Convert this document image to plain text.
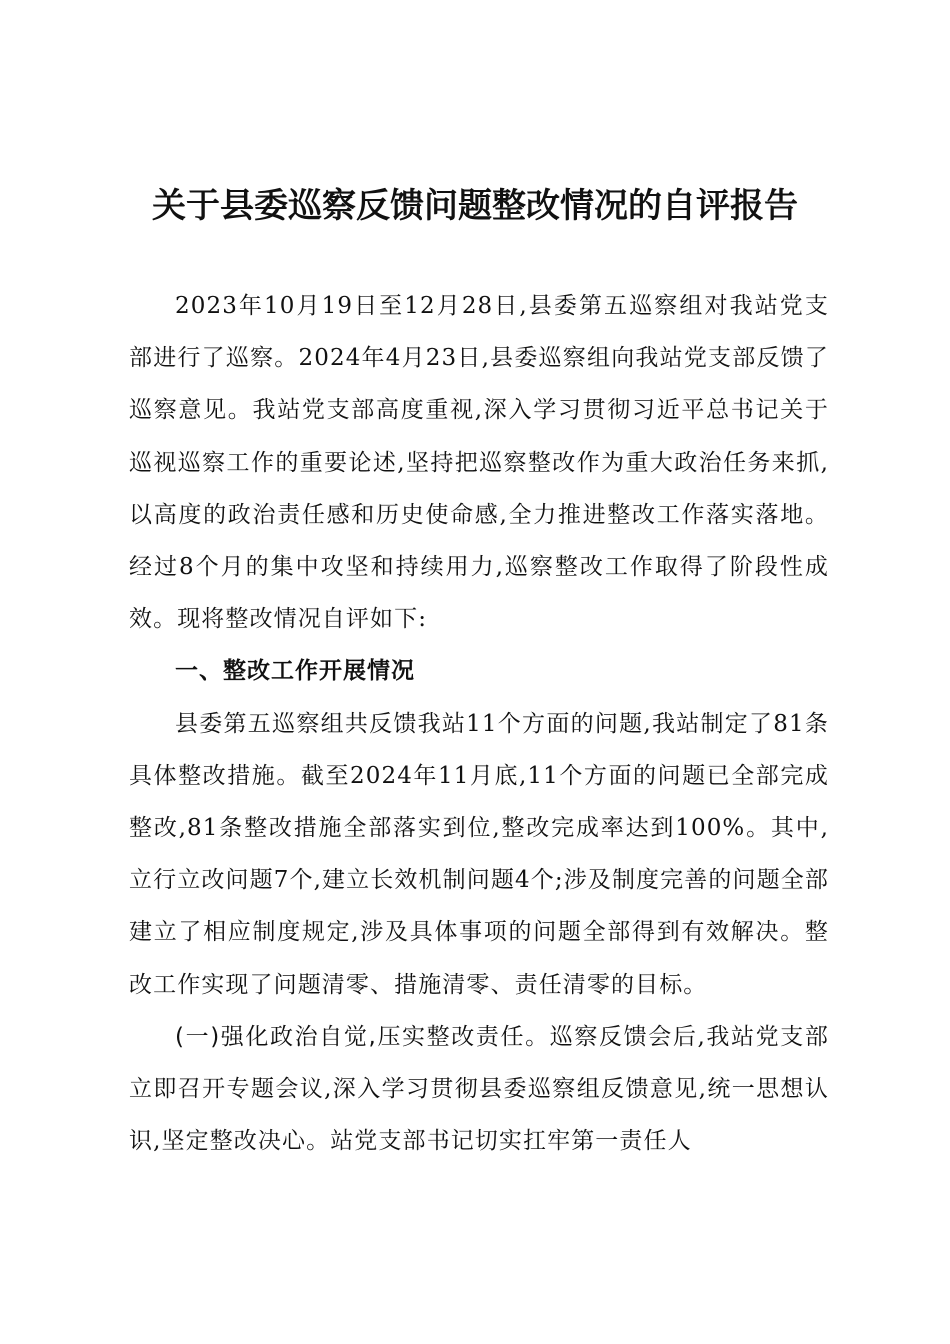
关于县委巡察反馈问题整改情况的自评报告

2023年10月19日至12月28日,县委第五巡察组对我站党支部进行了巡察。2024年4月23日,县委巡察组向我站党支部反馈了巡察意见。我站党支部高度重视,深入学习贯彻习近平总书记关于巡视巡察工作的重要论述,坚持把巡察整改作为重大政治任务来抓,以高度的政治责任感和历史使命感,全力推进整改工作落实落地。经过8个月的集中攻坚和持续用力,巡察整改工作取得了阶段性成效。现将整改情况自评如下:

一、整改工作开展情况

县委第五巡察组共反馈我站11个方面的问题,我站制定了81条具体整改措施。截至2024年11月底,11个方面的问题已全部完成整改,81条整改措施全部落实到位,整改完成率达到100%。其中,立行立改问题7个,建立长效机制问题4个;涉及制度完善的问题全部建立了相应制度规定,涉及具体事项的问题全部得到有效解决。整改工作实现了问题清零、措施清零、责任清零的目标。

(一)强化政治自觉,压实整改责任。巡察反馈会后,我站党支部立即召开专题会议,深入学习贯彻县委巡察组反馈意见,统一思想认识,坚定整改决心。站党支部书记切实扛牢第一责任人
